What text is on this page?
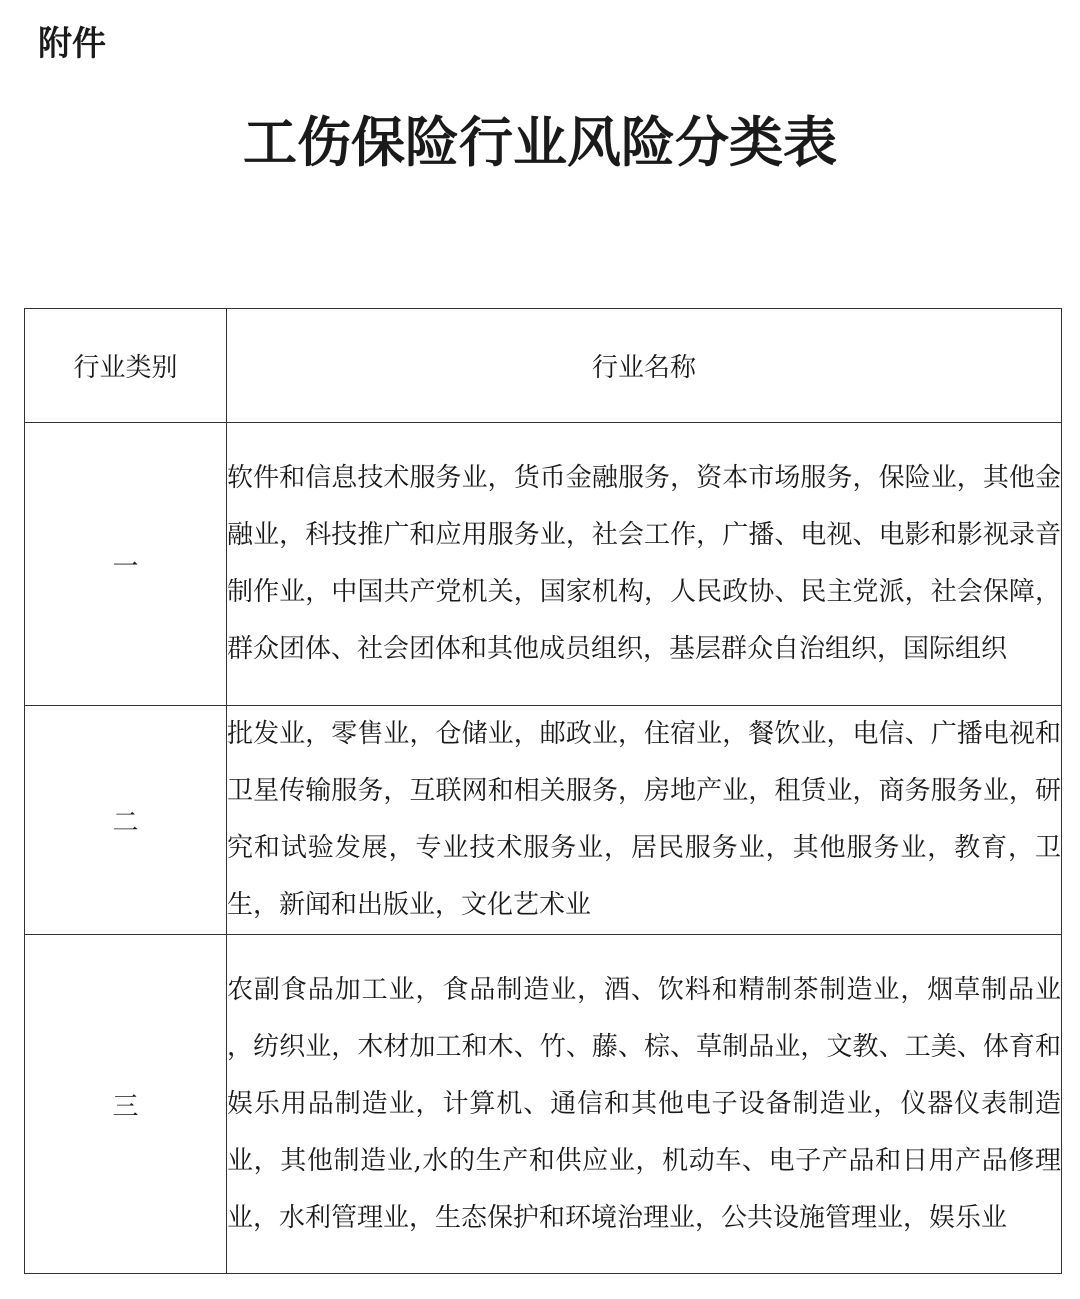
附件
工伤保险行业风险分类表
行业类别	行业名称
一	软件和信息技术服务业，货币金融服务，资本市场服务，保险业，其他金融业，科技推广和应用服务业，社会工作，广播、电视、电影和影视录音制作业，中国共产党机关，国家机构，人民政协、民主党派，社会保障，群众团体、社会团体和其他成员组织，基层群众自治组织，国际组织
二	批发业，零售业，仓储业，邮政业，住宿业，餐饮业，电信、广播电视和卫星传输服务，互联网和相关服务，房地产业，租赁业，商务服务业，研究和试验发展，专业技术服务业，居民服务业，其他服务业，教育，卫生，新闻和出版业，文化艺术业
三	农副食品加工业，食品制造业，酒、饮料和精制茶制造业，烟草制品业 ，纺织业，木材加工和木、竹、藤、棕、草制品业，文教、工美、体育和娱乐用品制造业，计算机、通信和其他电子设备制造业，仪器仪表制造业，其他制造业,水的生产和供应业，机动车、电子产品和日用产品修理业，水利管理业，生态保护和环境治理业，公共设施管理业，娱乐业
